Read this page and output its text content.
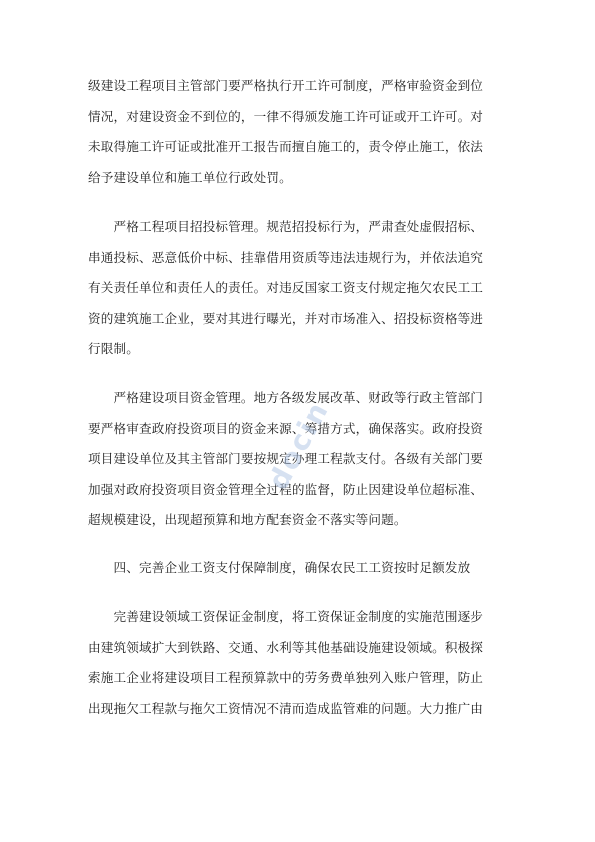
级建设工程项目主管部门要严格执行开工许可制度，严格审验资金到位
情况，对建设资金不到位的，一律不得颁发施工许可证或开工许可。对
未取得施工许可证或批准开工报告而擅自施工的，责令停止施工，依法
给予建设单位和施工单位行政处罚。

　　严格工程项目招投标管理。规范招投标行为，严肃查处虚假招标、
串通投标、恶意低价中标、挂靠借用资质等违法违规行为，并依法追究
有关责任单位和责任人的责任。对违反国家工资支付规定拖欠农民工工
资的建筑施工企业，要对其进行曝光，并对市场准入、招投标资格等进
行限制。

　　严格建设项目资金管理。地方各级发展改革、财政等行政主管部门
要严格审查政府投资项目的资金来源、筹措方式，确保落实。政府投资
项目建设单位及其主管部门要按规定办理工程款支付。各级有关部门要
加强对政府投资项目资金管理全过程的监督，防止因建设单位超标准、
超规模建设，出现超预算和地方配套资金不落实等问题。

　　四、完善企业工资支付保障制度，确保农民工工资按时足额发放

　　完善建设领域工资保证金制度，将工资保证金制度的实施范围逐步
由建筑领域扩大到铁路、交通、水利等其他基础设施建设领域。积极探
索施工企业将建设项目工程预算款中的劳务费单独列入账户管理，防止
出现拖欠工程款与拖欠工资情况不清而造成监管难的问题。大力推广由

docin
